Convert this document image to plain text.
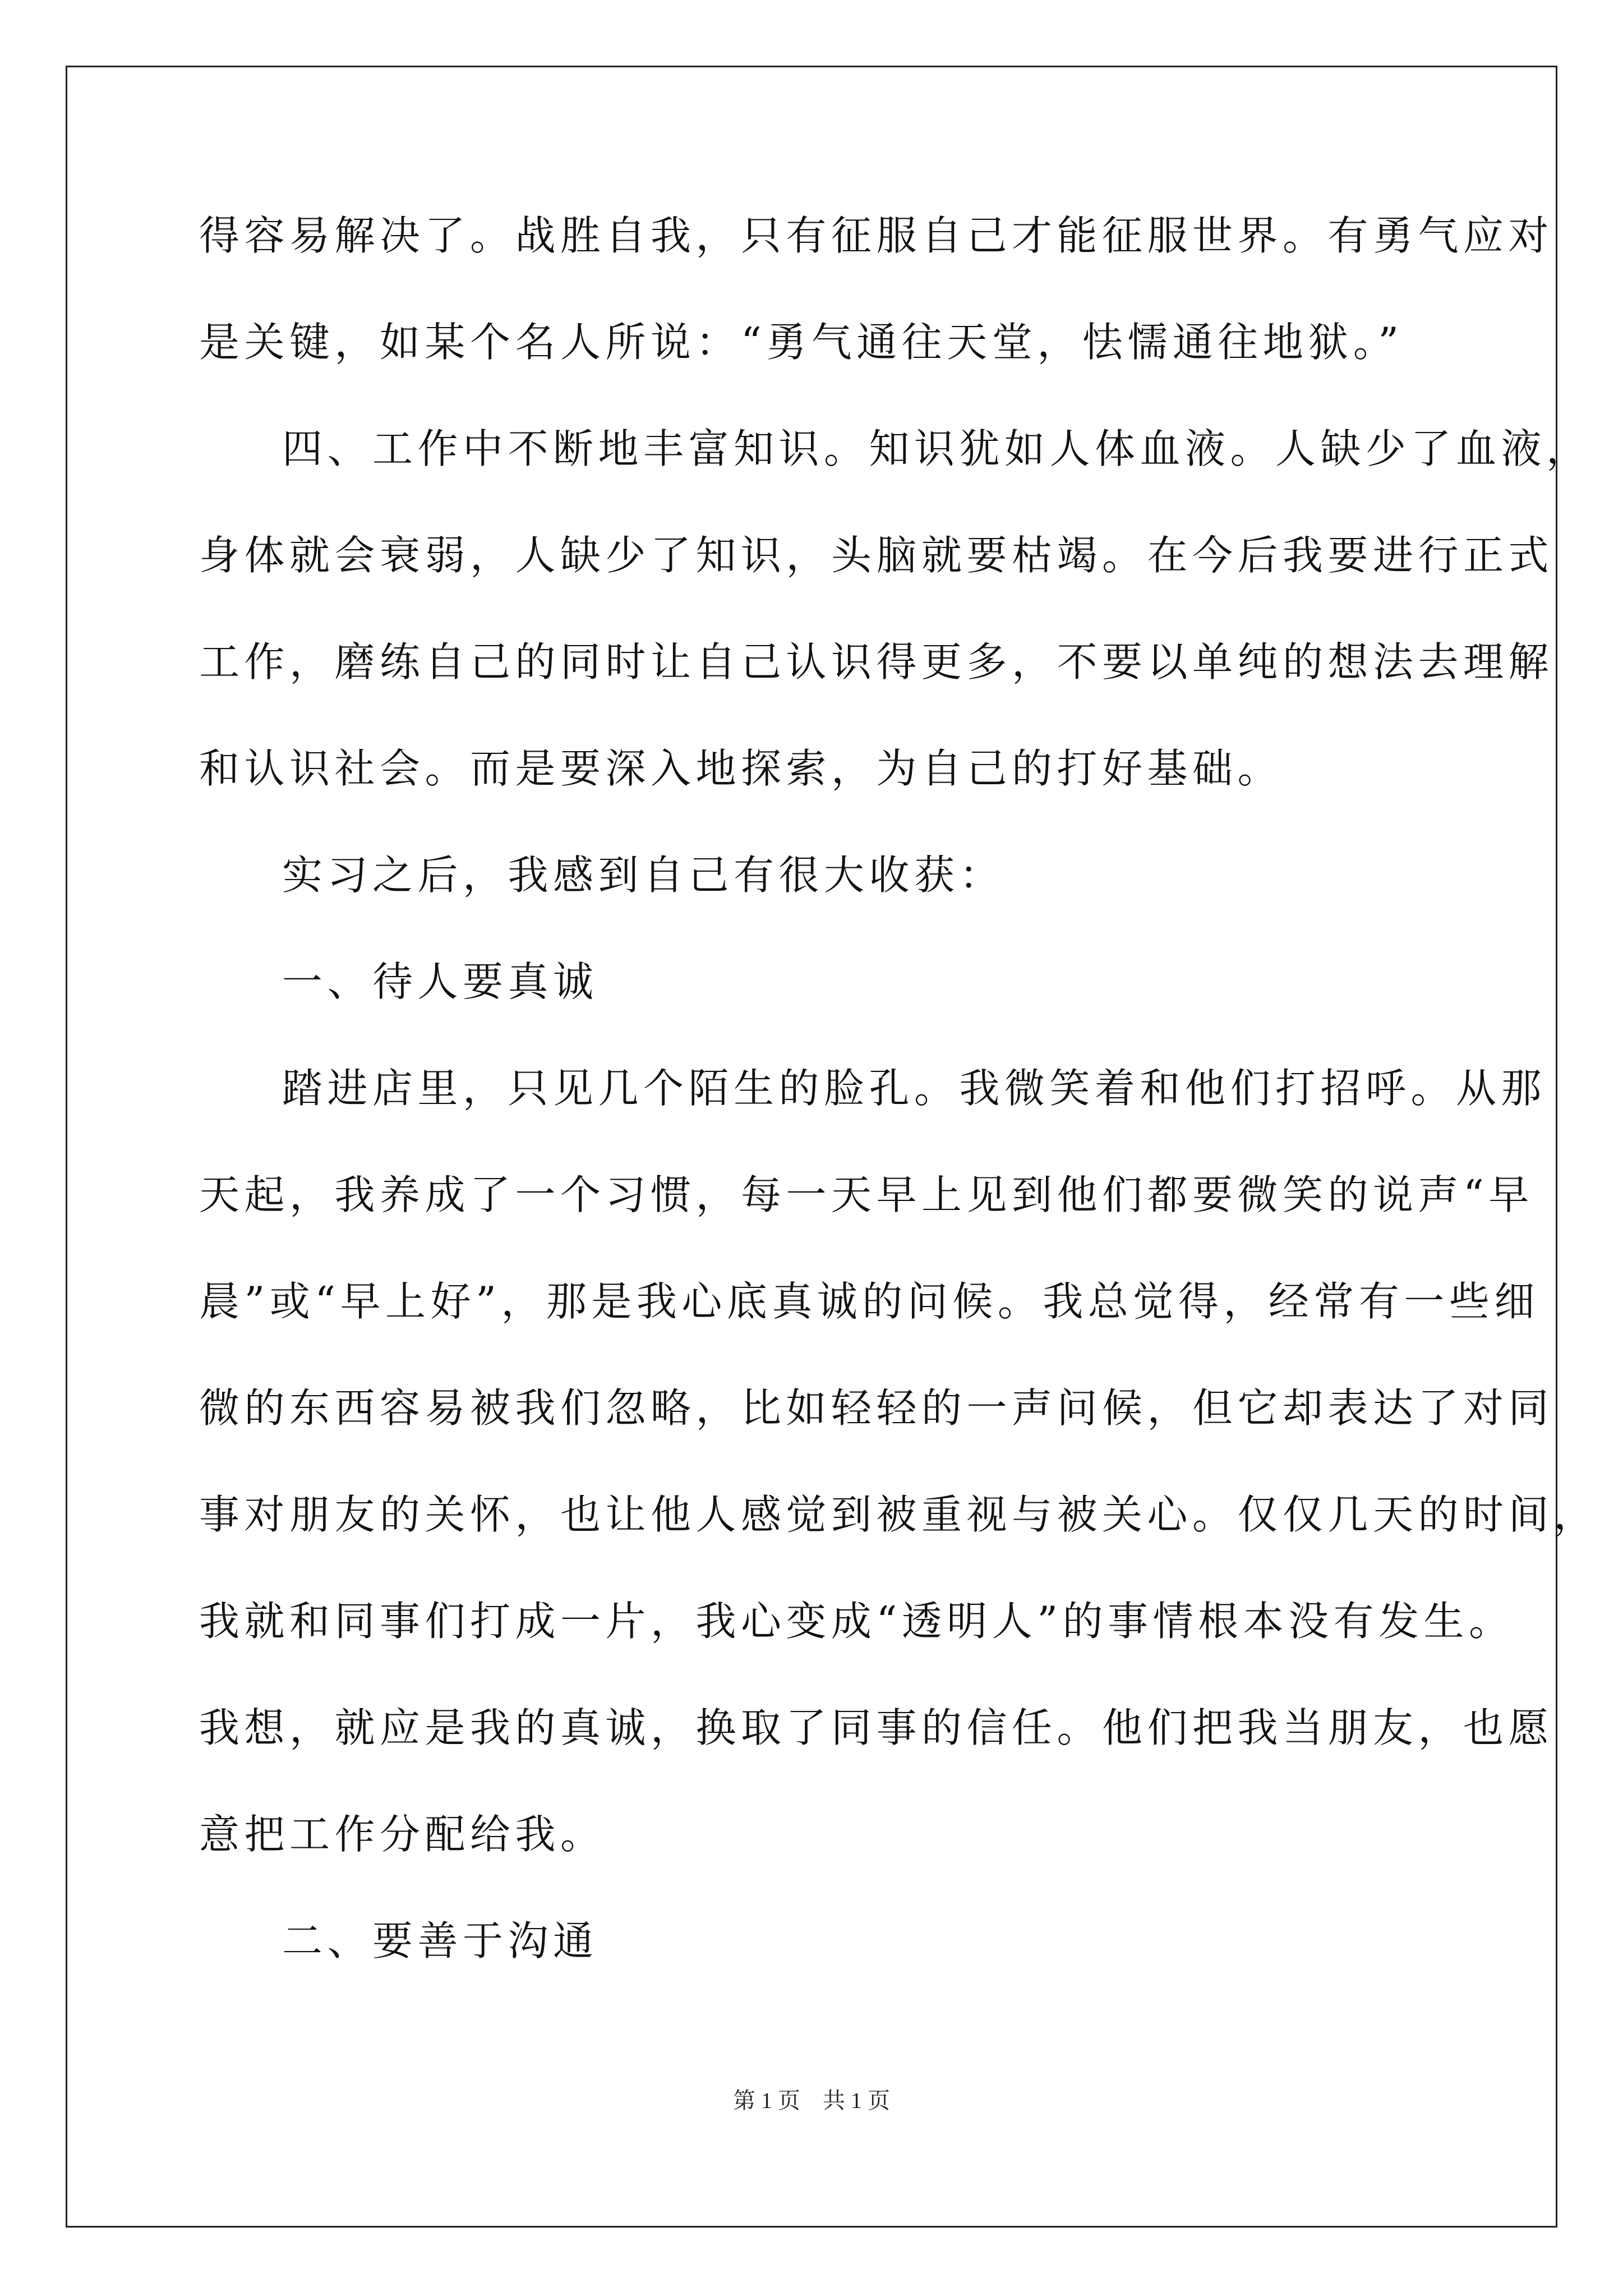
得容易解决了。战胜自我，只有征服自己才能征服世界。有勇气应对
是关键，如某个名人所说：“勇气通往天堂，怯懦通往地狱。”
四、工作中不断地丰富知识。知识犹如人体血液。人缺少了血液，
身体就会衰弱，人缺少了知识，头脑就要枯竭。在今后我要进行正式
工作，磨练自己的同时让自己认识得更多，不要以单纯的想法去理解
和认识社会。而是要深入地探索，为自己的打好基础。
实习之后，我感到自己有很大收获：
一、待人要真诚
踏进店里，只见几个陌生的脸孔。我微笑着和他们打招呼。从那
天起，我养成了一个习惯，每一天早上见到他们都要微笑的说声“早
晨”或“早上好”，那是我心底真诚的问候。我总觉得，经常有一些细
微的东西容易被我们忽略，比如轻轻的一声问候，但它却表达了对同
事对朋友的关怀，也让他人感觉到被重视与被关心。仅仅几天的时间，
我就和同事们打成一片，我心变成“透明人”的事情根本没有发生。
我想，就应是我的真诚，换取了同事的信任。他们把我当朋友，也愿
意把工作分配给我。
二、要善于沟通
第 1 页　共 1 页
